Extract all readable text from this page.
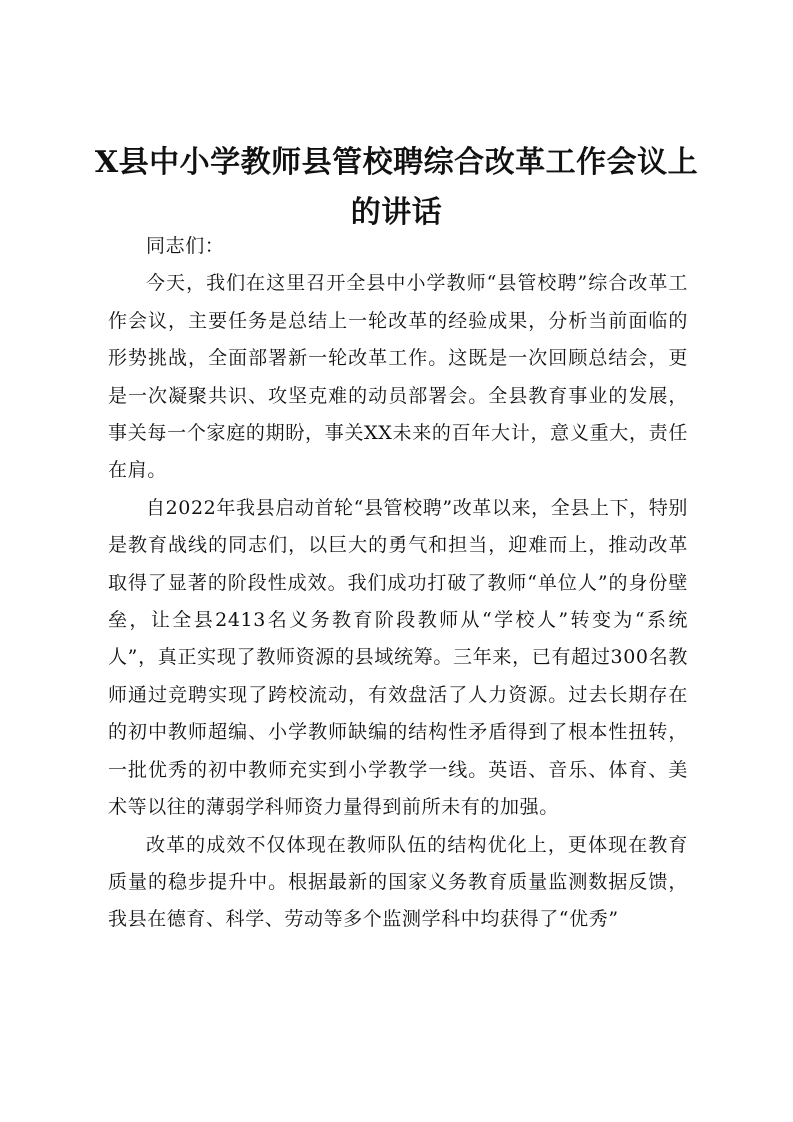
X县中小学教师县管校聘综合改革工作会议上
的讲话

同志们：

今天，我们在这里召开全县中小学教师“县管校聘”综合改革工作会议，主要任务是总结上一轮改革的经验成果，分析当前面临的形势挑战，全面部署新一轮改革工作。这既是一次回顾总结会，更是一次凝聚共识、攻坚克难的动员部署会。全县教育事业的发展，事关每一个家庭的期盼，事关XX未来的百年大计，意义重大，责任在肩。

自2022年我县启动首轮“县管校聘”改革以来，全县上下，特别是教育战线的同志们，以巨大的勇气和担当，迎难而上，推动改革取得了显著的阶段性成效。我们成功打破了教师“单位人”的身份壁垒，让全县2413名义务教育阶段教师从“学校人”转变为“系统人”，真正实现了教师资源的县域统筹。三年来，已有超过300名教师通过竞聘实现了跨校流动，有效盘活了人力资源。过去长期存在的初中教师超编、小学教师缺编的结构性矛盾得到了根本性扭转，一批优秀的初中教师充实到小学教学一线。英语、音乐、体育、美术等以往的薄弱学科师资力量得到前所未有的加强。

改革的成效不仅体现在教师队伍的结构优化上，更体现在教育质量的稳步提升中。根据最新的国家义务教育质量监测数据反馈，我县在德育、科学、劳动等多个监测学科中均获得了“优秀”
